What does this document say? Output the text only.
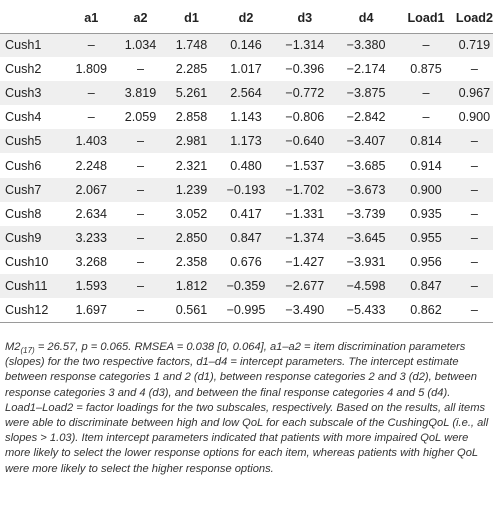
	a1	a2	d1	d2	d3	d4	Load1	Load2
Cush1	–	1.034	1.748	0.146	−1.314	−3.380	–	0.719
Cush2	1.809	–	2.285	1.017	−0.396	−2.174	0.875	–
Cush3	–	3.819	5.261	2.564	−0.772	−3.875	–	0.967
Cush4	–	2.059	2.858	1.143	−0.806	−2.842	–	0.900
Cush5	1.403	–	2.981	1.173	−0.640	−3.407	0.814	–
Cush6	2.248	–	2.321	0.480	−1.537	−3.685	0.914	–
Cush7	2.067	–	1.239	−0.193	−1.702	−3.673	0.900	–
Cush8	2.634	–	3.052	0.417	−1.331	−3.739	0.935	–
Cush9	3.233	–	2.850	0.847	−1.374	−3.645	0.955	–
Cush10	3.268	–	2.358	0.676	−1.427	−3.931	0.956	–
Cush11	1.593	–	1.812	−0.359	−2.677	−4.598	0.847	–
Cush12	1.697	–	0.561	−0.995	−3.490	−5.433	0.862	–
$M2_{(17)} = 26.57$, p = 0.065. RMSEA = 0.038 [0, 0.064], a1–a2 = item discrimination parameters (slopes) for the two respective factors, d1–d4 = intercept parameters. The intercept estimate between response categories 1 and 2 (d1), between response categories 2 and 3 (d2), between response categories 3 and 4 (d3), and between the final response categories 4 and 5 (d4). Load1–Load2 = factor loadings for the two subscales, respectively. Based on the results, all items were able to discriminate between high and low QoL for each subscale of the CushingQoL (i.e., all slopes > 1.03). Item intercept parameters indicated that patients with more impaired QoL were more likely to select the lower response options for each item, whereas patients with higher QoL were more likely to select the higher response options.
